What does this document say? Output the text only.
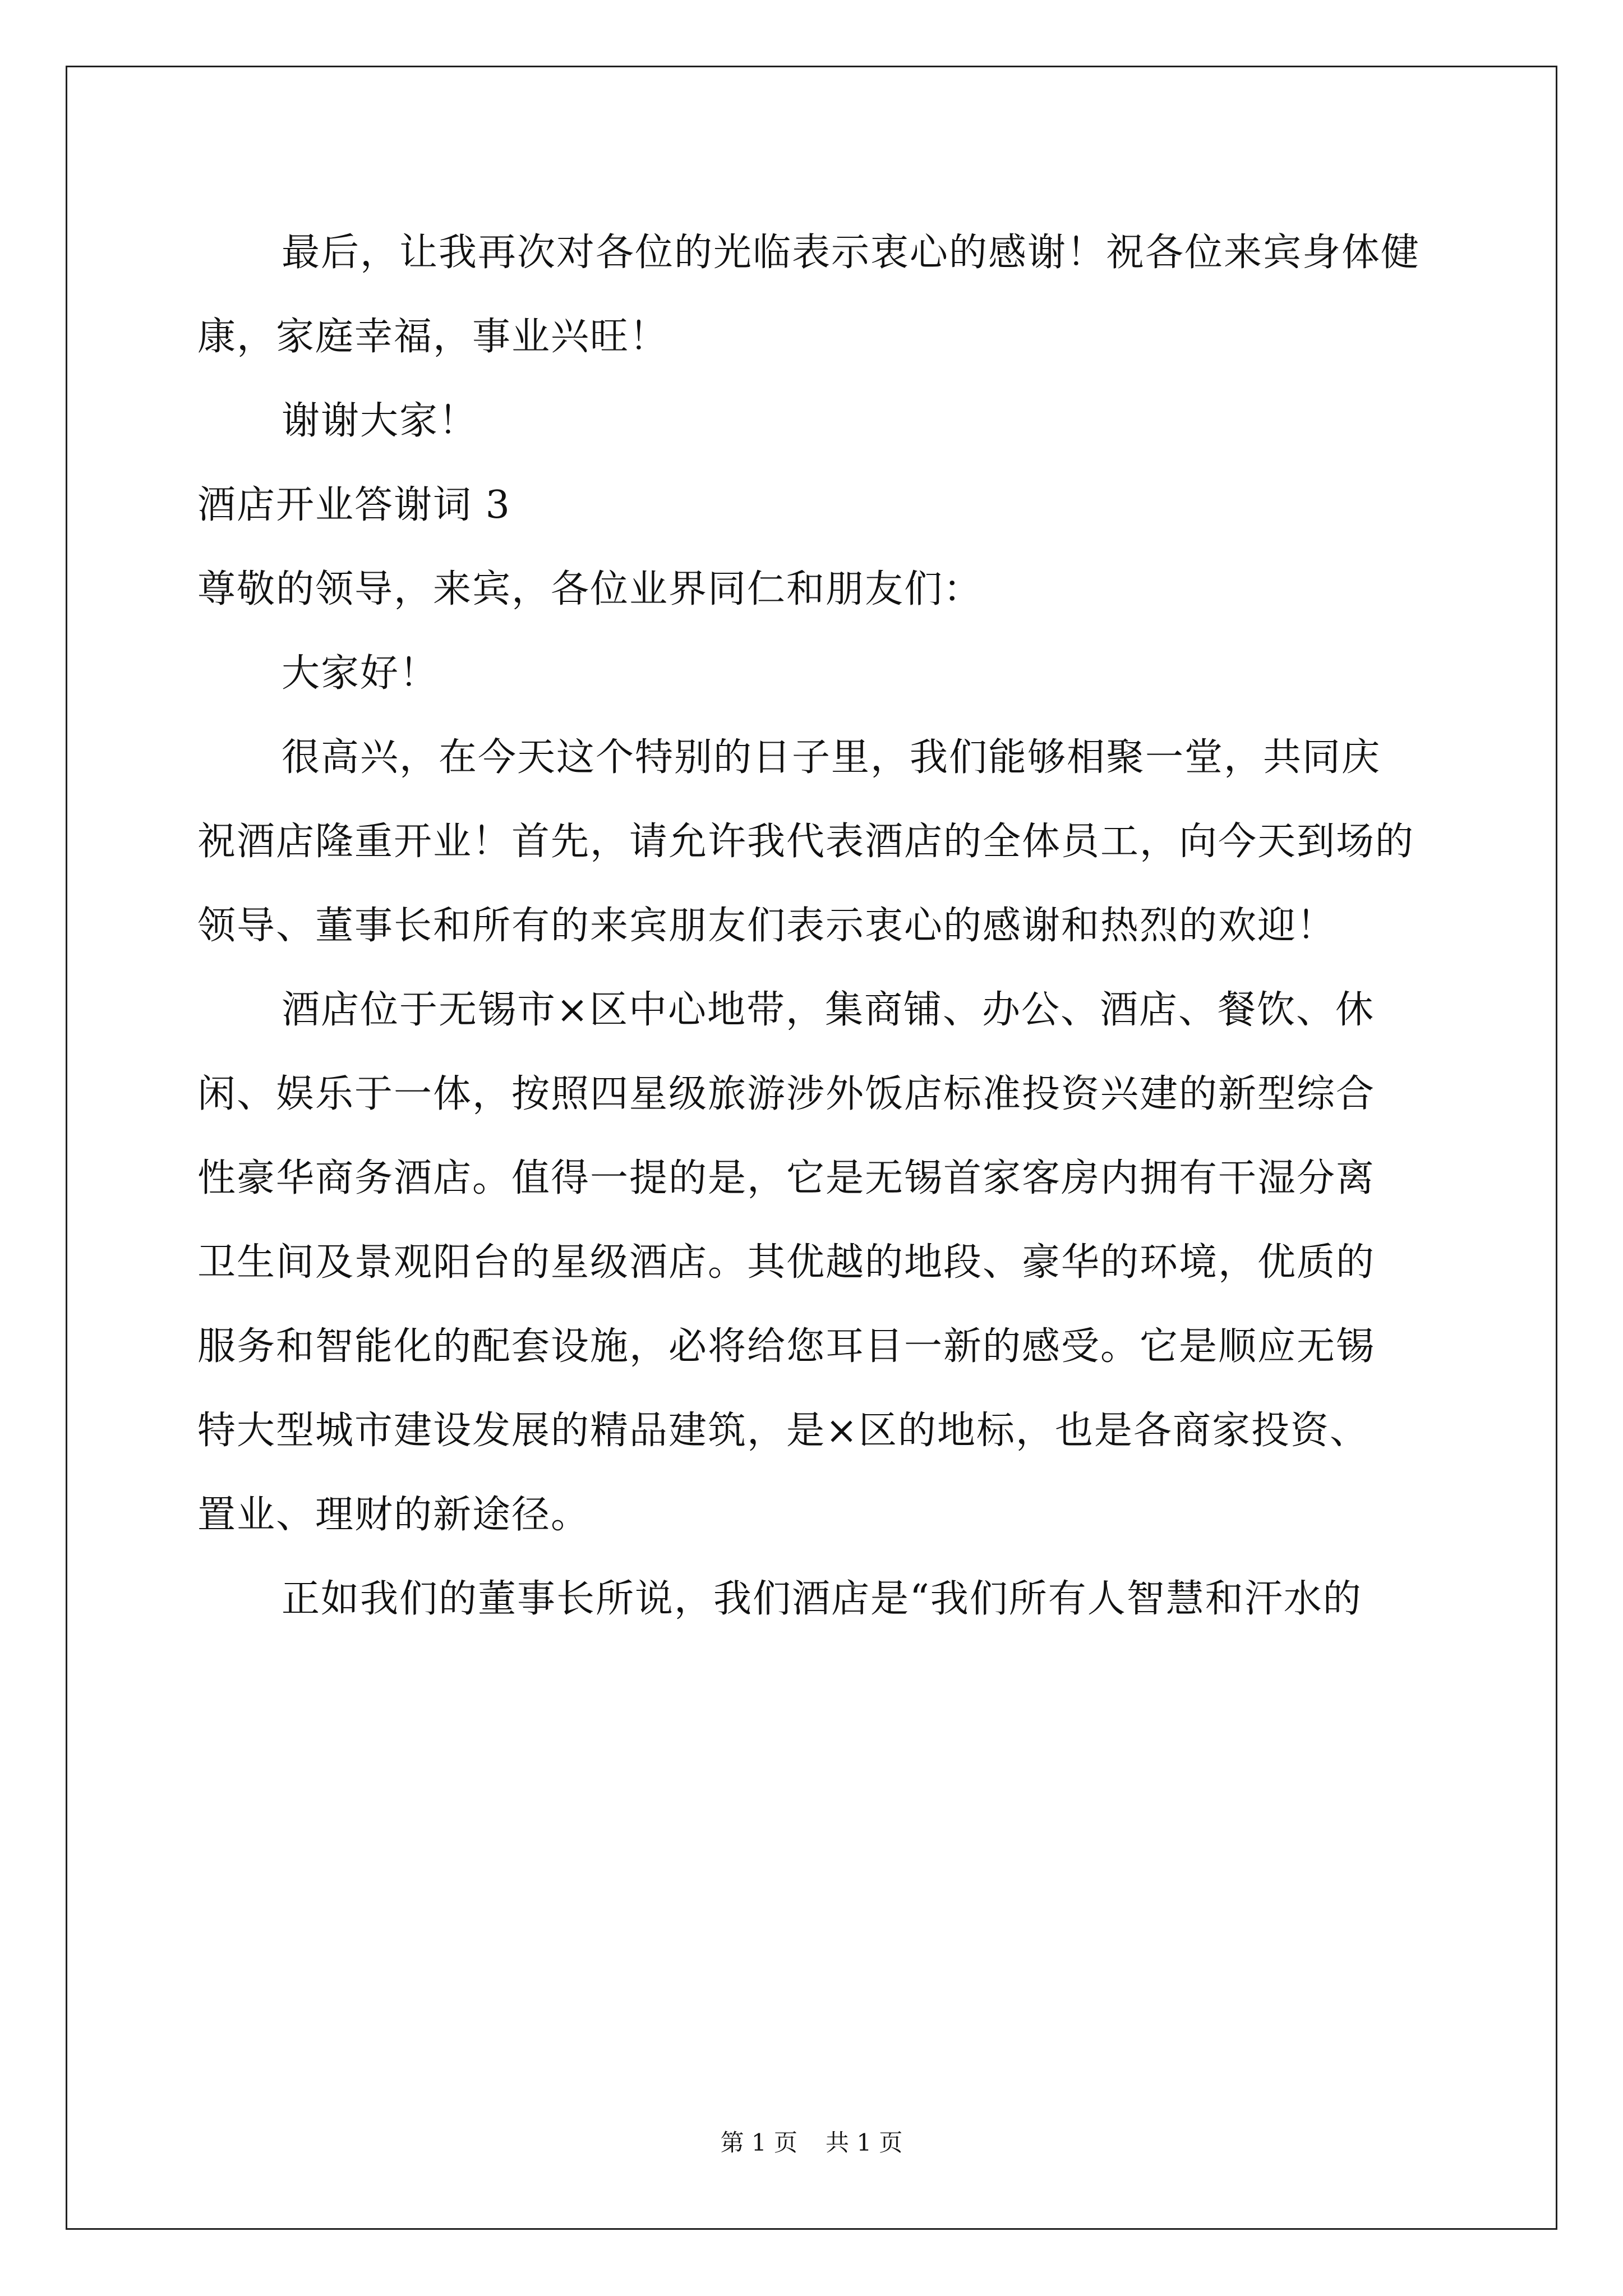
最后，让我再次对各位的光临表示衷心的感谢！祝各位来宾身体健

康，家庭幸福，事业兴旺！

谢谢大家！

酒店开业答谢词 3

尊敬的领导，来宾，各位业界同仁和朋友们：

大家好！

很高兴，在今天这个特别的日子里，我们能够相聚一堂，共同庆

祝酒店隆重开业！首先，请允许我代表酒店的全体员工，向今天到场的

领导、董事长和所有的来宾朋友们表示衷心的感谢和热烈的欢迎！

酒店位于无锡市×区中心地带，集商铺、办公、酒店、餐饮、休

闲、娱乐于一体，按照四星级旅游涉外饭店标准投资兴建的新型综合

性豪华商务酒店。值得一提的是，它是无锡首家客房内拥有干湿分离

卫生间及景观阳台的星级酒店。其优越的地段、豪华的环境，优质的

服务和智能化的配套设施，必将给您耳目一新的感受。它是顺应无锡

特大型城市建设发展的精品建筑，是×区的地标，也是各商家投资、

置业、理财的新途径。

正如我们的董事长所说，我们酒店是“我们所有人智慧和汗水的

第 1 页 共 1 页
